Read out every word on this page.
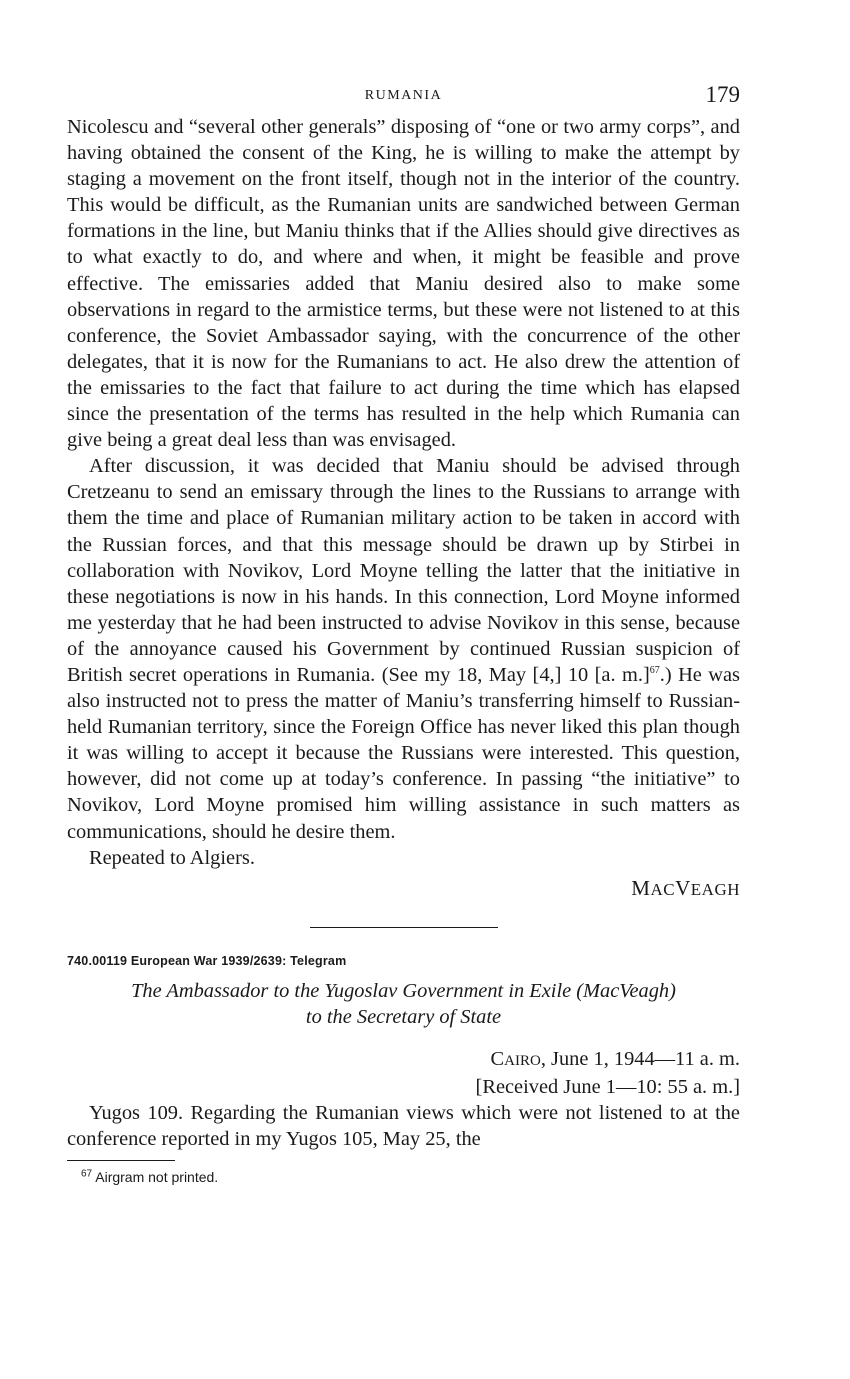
RUMANIA	179

Nicolescu and “several other generals” disposing of “one or two army corps”, and having obtained the consent of the King, he is willing to make the attempt by staging a movement on the front itself, though not in the interior of the country. This would be difficult, as the Rumanian units are sandwiched between German formations in the line, but Maniu thinks that if the Allies should give directives as to what exactly to do, and where and when, it might be feasible and prove effective. The emissaries added that Maniu desired also to make some observations in regard to the armistice terms, but these were not listened to at this conference, the Soviet Ambassador saying, with the concurrence of the other delegates, that it is now for the Rumanians to act. He also drew the attention of the emissaries to the fact that failure to act during the time which has elapsed since the presentation of the terms has resulted in the help which Rumania can give being a great deal less than was envisaged.

After discussion, it was decided that Maniu should be advised through Cretzeanu to send an emissary through the lines to the Russians to arrange with them the time and place of Rumanian military action to be taken in accord with the Russian forces, and that this message should be drawn up by Stirbei in collaboration with Novikov, Lord Moyne telling the latter that the initiative in these negotiations is now in his hands. In this connection, Lord Moyne informed me yesterday that he had been instructed to advise Novikov in this sense, because of the annoyance caused his Government by continued Russian suspicion of British secret operations in Rumania. (See my 18, May [4,] 10 [a. m.]$^{67}$.) He was also instructed not to press the matter of Maniu’s transferring himself to Russian-held Rumanian territory, since the Foreign Office has never liked this plan though it was willing to accept it because the Russians were interested. This question, however, did not come up at today’s conference. In passing “the initiative” to Novikov, Lord Moyne promised him willing assistance in such matters as communications, should he desire them.

Repeated to Algiers.

MACVEAGH
740.00119 European War 1939/2639: Telegram

The Ambassador to the Yugoslav Government in Exile (MacVeagh)
to the Secretary of State

CAIRO, June 1, 1944—11 a. m.
[Received June 1—10: 55 a. m.]

Yugos 109. Regarding the Rumanian views which were not listened to at the conference reported in my Yugos 105, May 25, the

$^{67}$ Airgram not printed.
